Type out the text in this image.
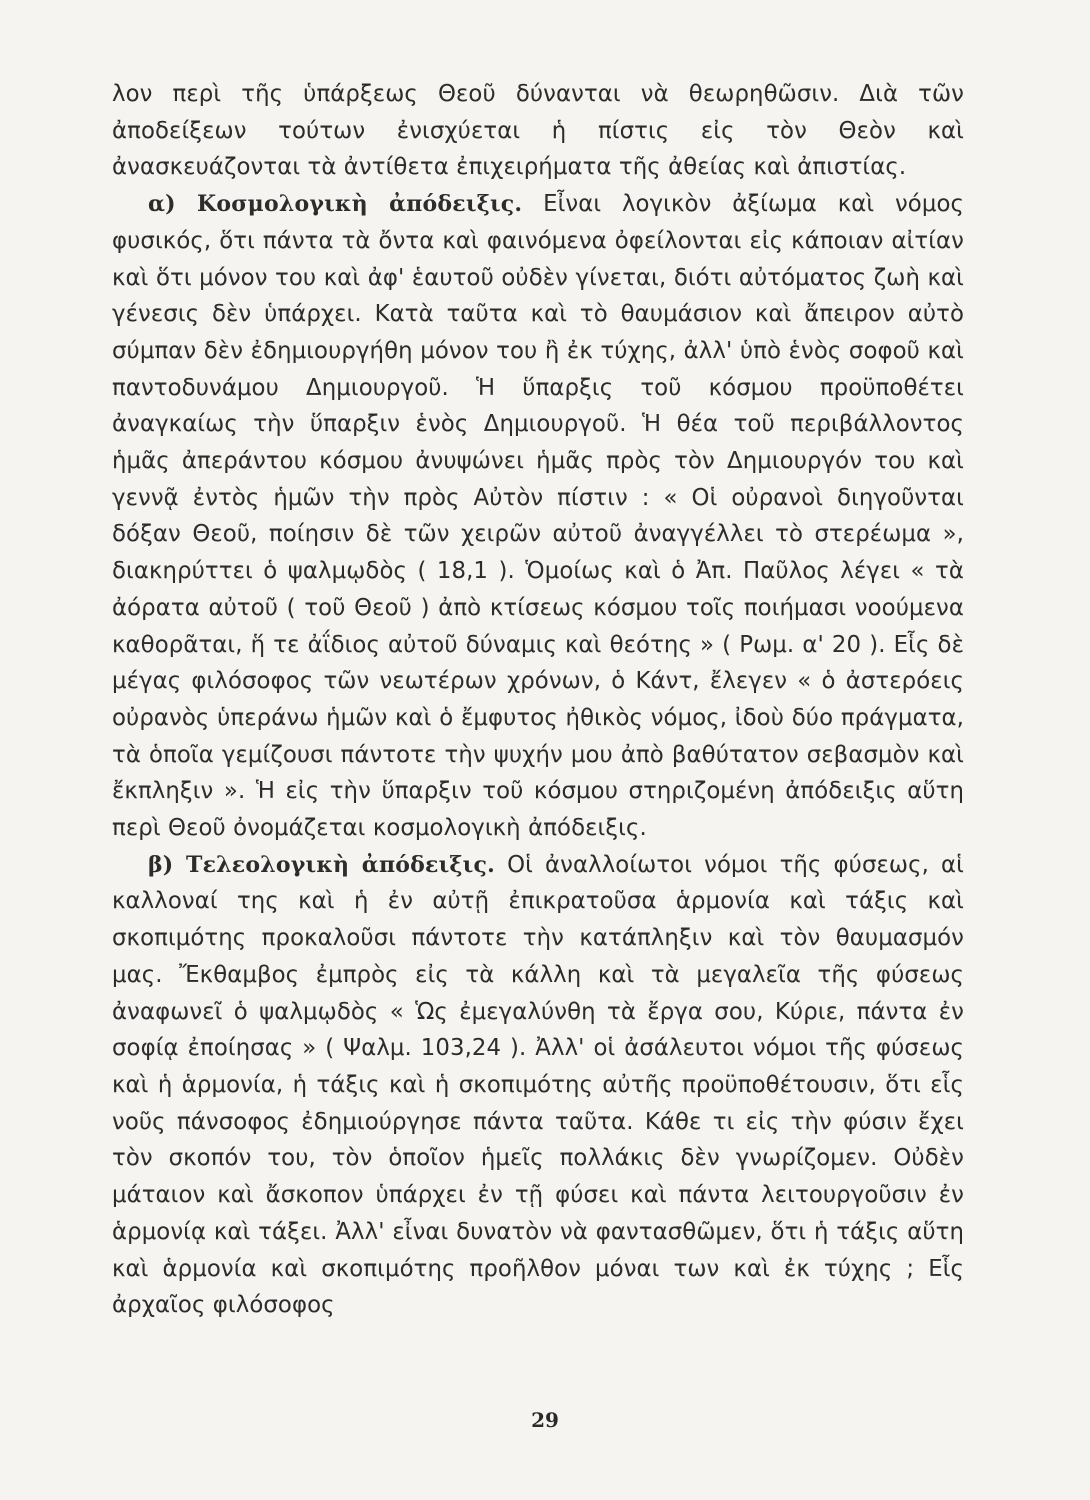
λον περὶ τῆς ὑπάρξεως Θεοῦ δύνανται νὰ θεωρηθῶσιν. Διὰ τῶν ἀποδείξεων τούτων ἐνισχύεται ἡ πίστις εἰς τὸν Θεὸν καὶ ἀνασκευάζονται τὰ ἀντίθετα ἐπιχειρήματα τῆς ἀθείας καὶ ἀπιστίας.

α) Κοσμολογικὴ ἀπόδειξις. Εἶναι λογικὸν ἀξίωμα καὶ νόμος φυσικός, ὅτι πάντα τὰ ὄντα καὶ φαινόμενα ὀφείλονται εἰς κάποιαν αἰτίαν καὶ ὅτι μόνον του καὶ ἀφ' ἑαυτοῦ οὐδὲν γίνεται, διότι αὐτόματος ζωὴ καὶ γένεσις δὲν ὑπάρχει. Κατὰ ταῦτα καὶ τὸ θαυμάσιον καὶ ἄπειρον αὐτὸ σύμπαν δὲν ἐδημιουργήθη μόνον του ἢ ἐκ τύχης, ἀλλ' ὑπὸ ἑνὸς σοφοῦ καὶ παντοδυνάμου Δημιουργοῦ. Ἡ ὕπαρξις τοῦ κόσμου προϋποθέτει ἀναγκαίως τὴν ὕπαρξιν ἑνὸς Δημιουργοῦ. Ἡ θέα τοῦ περιβάλλοντος ἡμᾶς ἀπεράντου κόσμου ἀνυψώνει ἡμᾶς πρὸς τὸν Δημιουργόν του καὶ γεννᾷ ἐντὸς ἡμῶν τὴν πρὸς Αὐτὸν πίστιν : « Οἱ οὐρανοὶ διηγοῦνται δόξαν Θεοῦ, ποίησιν δὲ τῶν χειρῶν αὐτοῦ ἀναγγέλλει τὸ στερέωμα », διακηρύττει ὁ ψαλμῳδὸς ( 18,1 ). Ὁμοίως καὶ ὁ Ἀπ. Παῦλος λέγει « τὰ ἀόρατα αὐτοῦ ( τοῦ Θεοῦ ) ἀπὸ κτίσεως κόσμου τοῖς ποιήμασι νοούμενα καθορᾶται, ἥ τε ἀΐδιος αὐτοῦ δύναμις καὶ θεότης » ( Ρωμ. α' 20 ). Εἷς δὲ μέγας φιλόσοφος τῶν νεωτέρων χρόνων, ὁ Κάντ, ἔλεγεν « ὁ ἀστερόεις οὐρανὸς ὑπεράνω ἡμῶν καὶ ὁ ἔμφυτος ἠθικὸς νόμος, ἰδοὺ δύο πράγματα, τὰ ὁποῖα γεμίζουσι πάντοτε τὴν ψυχήν μου ἀπὸ βαθύτατον σεβασμὸν καὶ ἔκπληξιν ». Ἡ εἰς τὴν ὕπαρξιν τοῦ κόσμου στηριζομένη ἀπόδειξις αὕτη περὶ Θεοῦ ὀνομάζεται κοσμολογικὴ ἀπόδειξις.

β) Τελεολογικὴ ἀπόδειξις. Οἱ ἀναλλοίωτοι νόμοι τῆς φύσεως, αἱ καλλοναί της καὶ ἡ ἐν αὐτῇ ἐπικρατοῦσα ἁρμονία καὶ τάξις καὶ σκοπιμότης προκαλοῦσι πάντοτε τὴν κατάπληξιν καὶ τὸν θαυμασμόν μας. Ἔκθαμβος ἐμπρὸς εἰς τὰ κάλλη καὶ τὰ μεγαλεῖα τῆς φύσεως ἀναφωνεῖ ὁ ψαλμῳδὸς « Ὡς ἐμεγαλύνθη τὰ ἔργα σου, Κύριε, πάντα ἐν σοφίᾳ ἐποίησας » ( Ψαλμ. 103,24 ). Ἀλλ' οἱ ἀσάλευτοι νόμοι τῆς φύσεως καὶ ἡ ἁρμονία, ἡ τάξις καὶ ἡ σκοπιμότης αὐτῆς προϋποθέτουσιν, ὅτι εἷς νοῦς πάνσοφος ἐδημιούργησε πάντα ταῦτα. Κάθε τι εἰς τὴν φύσιν ἔχει τὸν σκοπόν του, τὸν ὁποῖον ἡμεῖς πολλάκις δὲν γνωρίζομεν. Οὐδὲν μάταιον καὶ ἄσκοπον ὑπάρχει ἐν τῇ φύσει καὶ πάντα λειτουργοῦσιν ἐν ἁρμονίᾳ καὶ τάξει. Ἀλλ' εἶναι δυνατὸν νὰ φαντασθῶμεν, ὅτι ἡ τάξις αὕτη καὶ ἁρμονία καὶ σκοπιμότης προῆλθον μόναι των καὶ ἐκ τύχης ; Εἷς ἀρχαῖος φιλόσοφος

29
